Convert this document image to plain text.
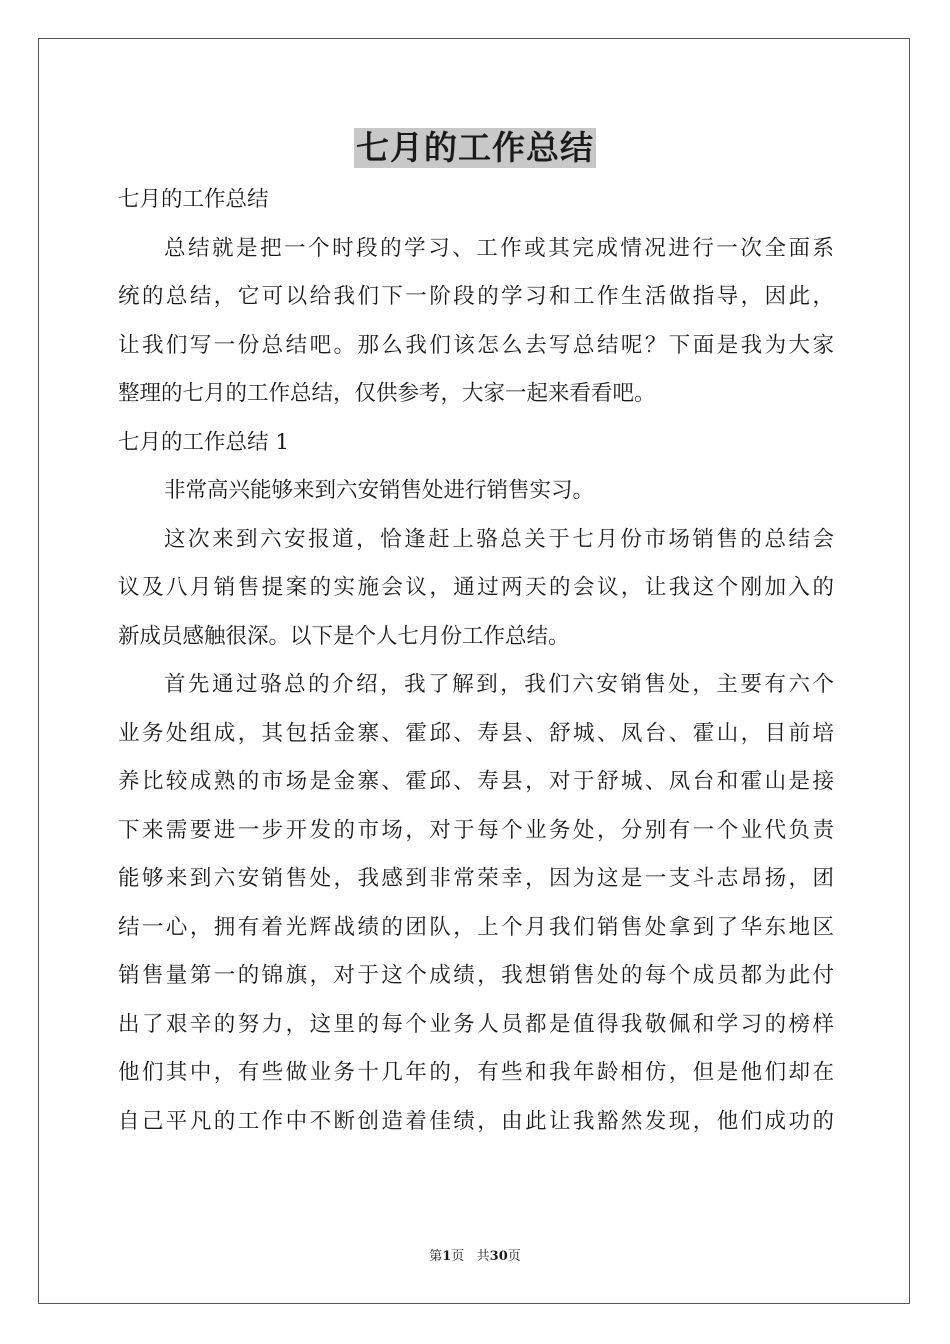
七月的工作总结
七月的工作总结
总结就是把一个时段的学习、工作或其完成情况进行一次全面系
统的总结，它可以给我们下一阶段的学习和工作生活做指导，因此，
让我们写一份总结吧。那么我们该怎么去写总结呢？下面是我为大家
整理的七月的工作总结，仅供参考，大家一起来看看吧。
七月的工作总结 1
非常高兴能够来到六安销售处进行销售实习。
这次来到六安报道，恰逢赶上骆总关于七月份市场销售的总结会
议及八月销售提案的实施会议，通过两天的会议，让我这个刚加入的
新成员感触很深。以下是个人七月份工作总结。
首先通过骆总的介绍，我了解到，我们六安销售处，主要有六个
业务处组成，其包括金寨、霍邱、寿县、舒城、凤台、霍山，目前培
养比较成熟的市场是金寨、霍邱、寿县，对于舒城、凤台和霍山是接
下来需要进一步开发的市场，对于每个业务处，分别有一个业代负责
能够来到六安销售处，我感到非常荣幸，因为这是一支斗志昂扬，团
结一心，拥有着光辉战绩的团队，上个月我们销售处拿到了华东地区
销售量第一的锦旗，对于这个成绩，我想销售处的每个成员都为此付
出了艰辛的努力，这里的每个业务人员都是值得我敬佩和学习的榜样
他们其中，有些做业务十几年的，有些和我年龄相仿，但是他们却在
自己平凡的工作中不断创造着佳绩，由此让我豁然发现，他们成功的
第1页   共30页
